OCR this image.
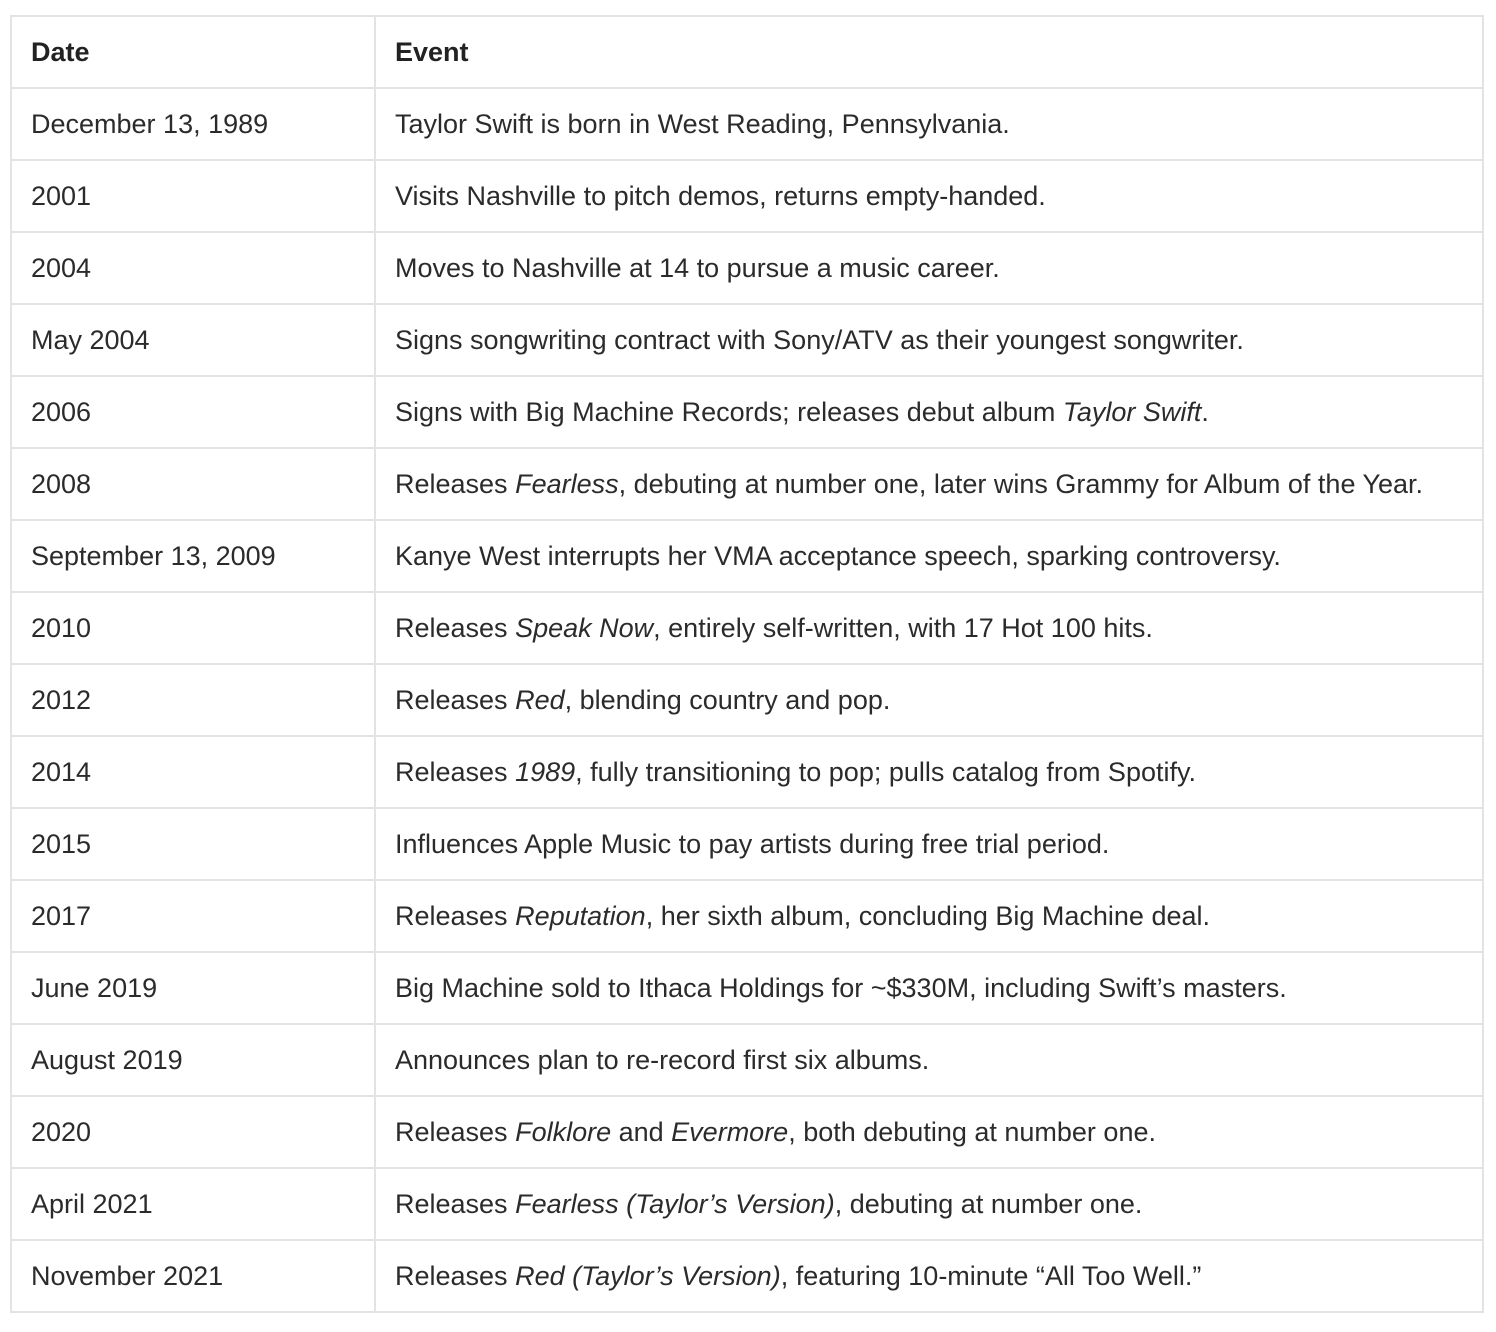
Date	Event
December 13, 1989	Taylor Swift is born in West Reading, Pennsylvania.
2001	Visits Nashville to pitch demos, returns empty-handed.
2004	Moves to Nashville at 14 to pursue a music career.
May 2004	Signs songwriting contract with Sony/ATV as their youngest songwriter.
2006	Signs with Big Machine Records; releases debut album Taylor Swift.
2008	Releases Fearless, debuting at number one, later wins Grammy for Album of the Year.
September 13, 2009	Kanye West interrupts her VMA acceptance speech, sparking controversy.
2010	Releases Speak Now, entirely self-written, with 17 Hot 100 hits.
2012	Releases Red, blending country and pop.
2014	Releases 1989, fully transitioning to pop; pulls catalog from Spotify.
2015	Influences Apple Music to pay artists during free trial period.
2017	Releases Reputation, her sixth album, concluding Big Machine deal.
June 2019	Big Machine sold to Ithaca Holdings for ~$330M, including Swift’s masters.
August 2019	Announces plan to re-record first six albums.
2020	Releases Folklore and Evermore, both debuting at number one.
April 2021	Releases Fearless (Taylor’s Version), debuting at number one.
November 2021	Releases Red (Taylor’s Version), featuring 10-minute “All Too Well.”
